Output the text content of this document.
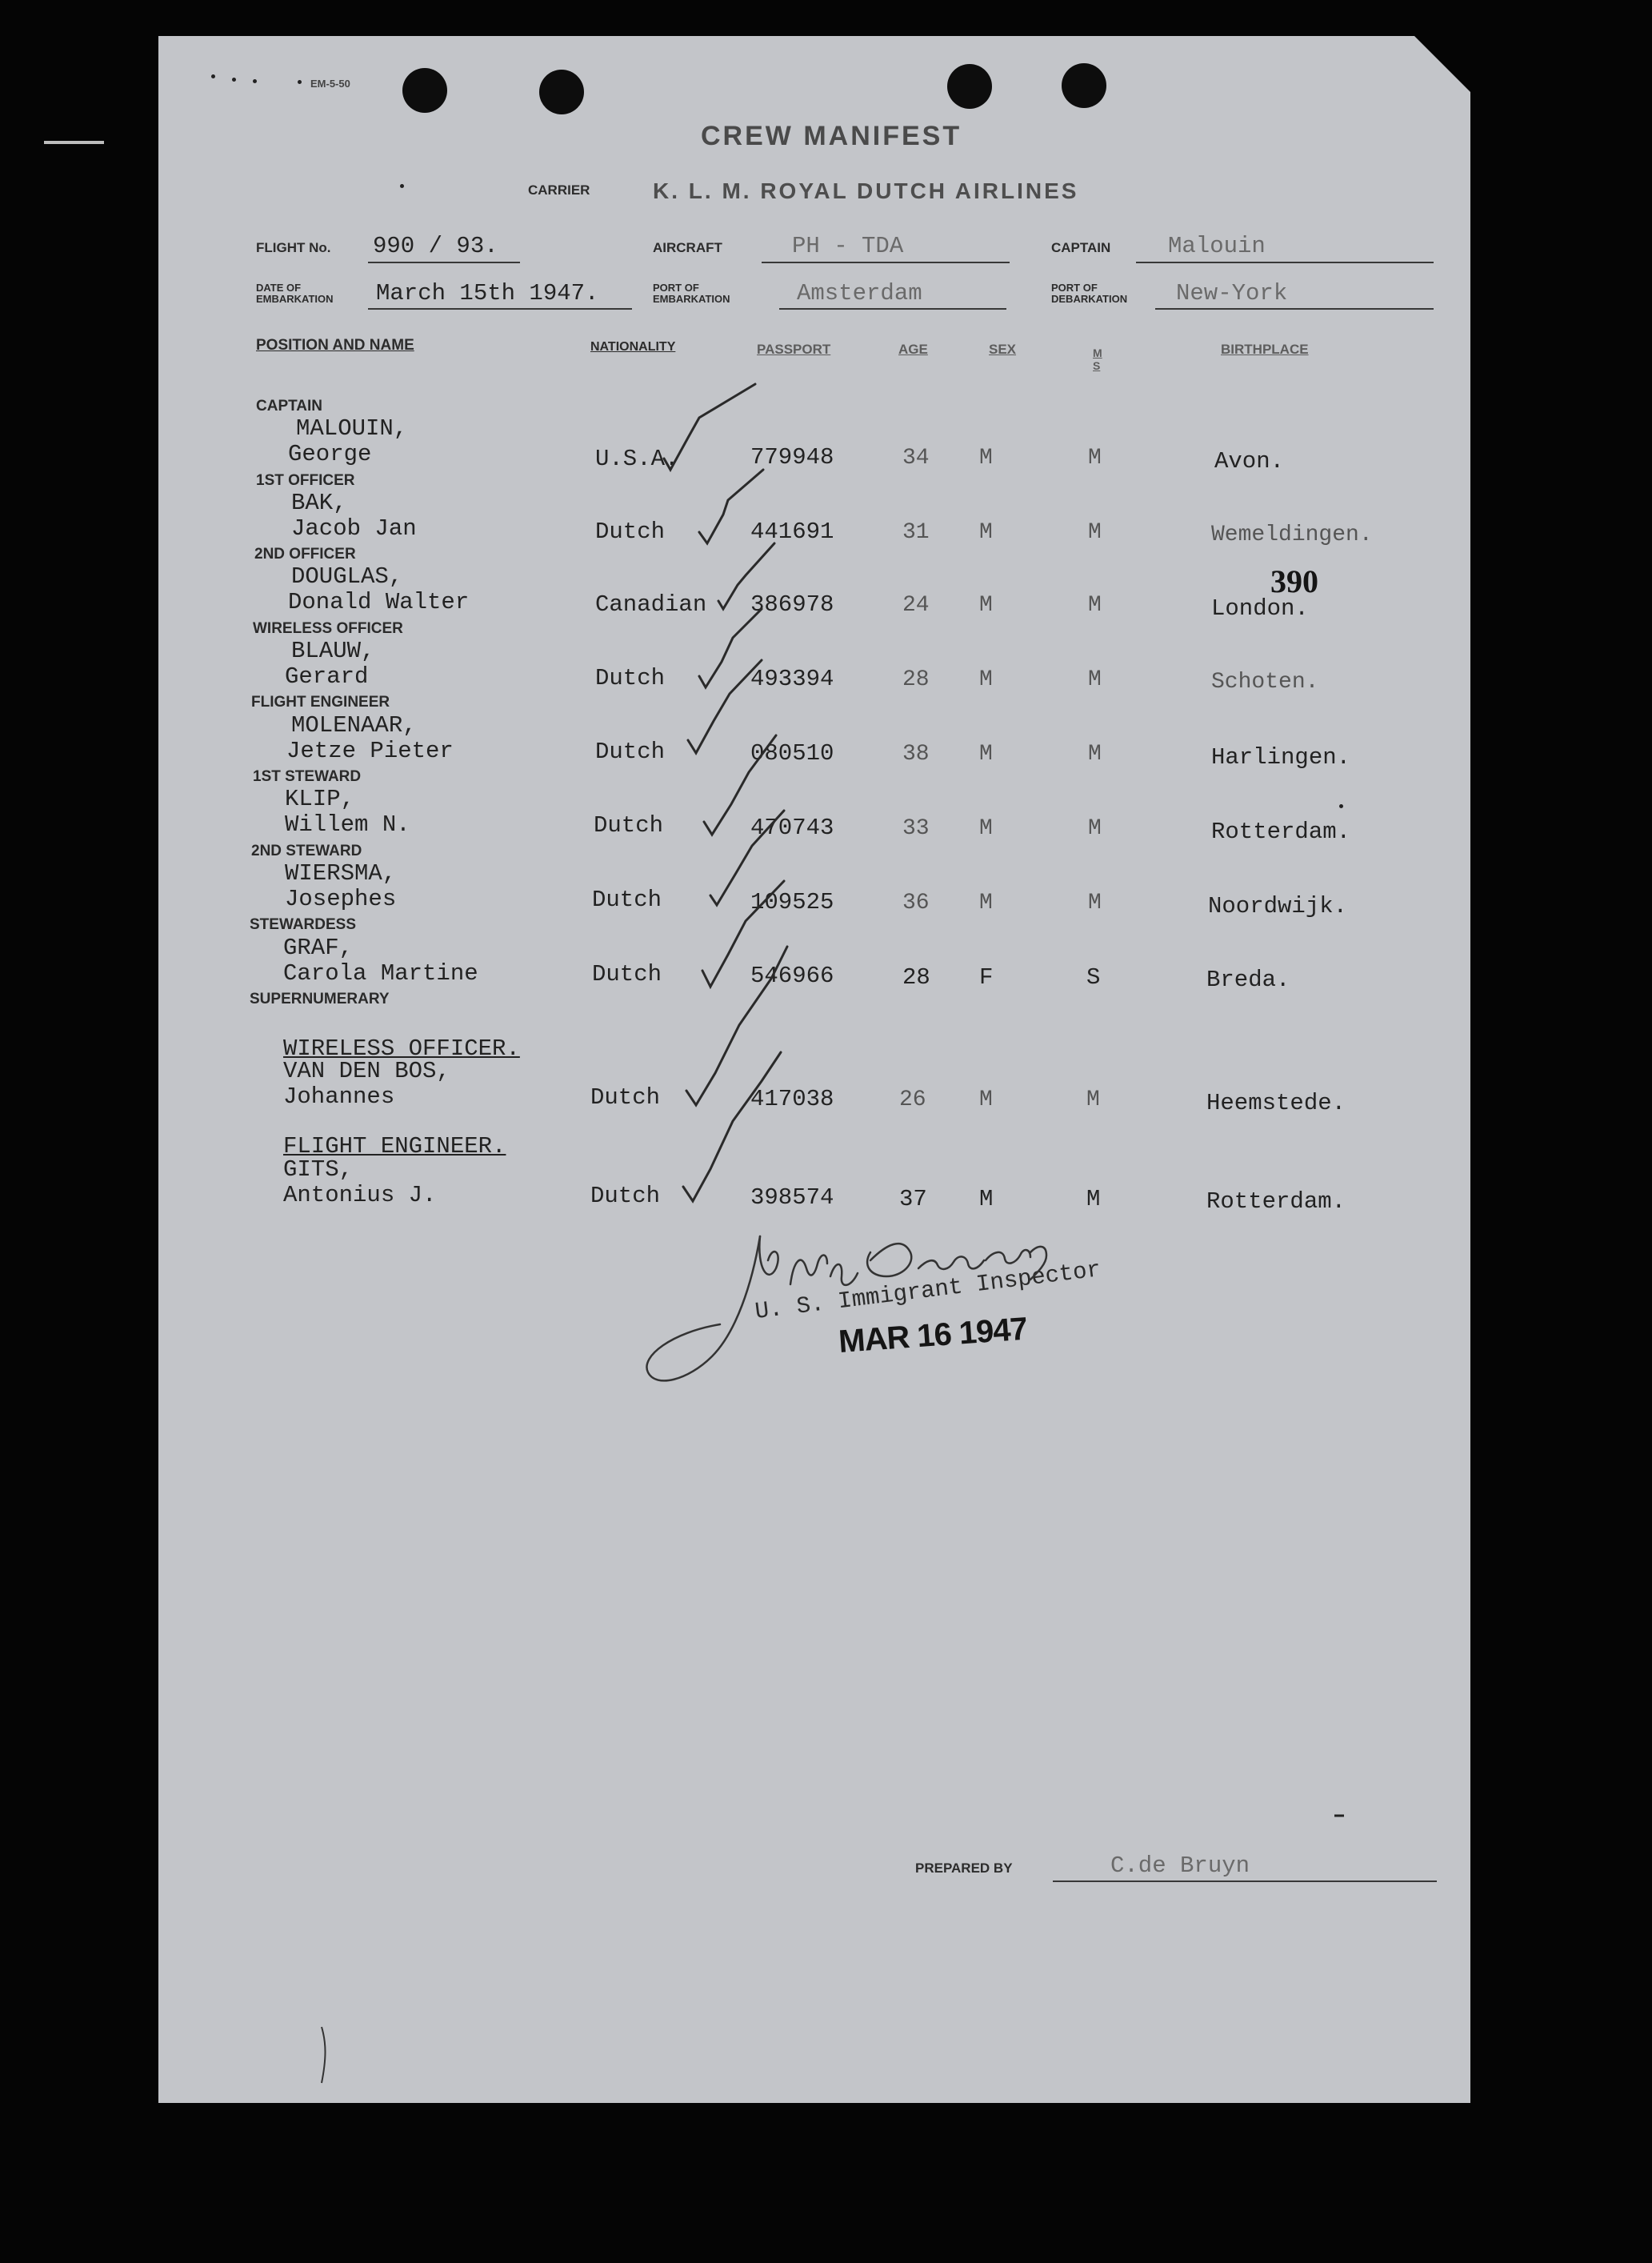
EM-5-50
CREW MANIFEST
CARRIER	K. L. M. ROYAL DUTCH AIRLINES
FLIGHT No. 990 / 93.	AIRCRAFT	PH - TDA	CAPTAIN Malouin
DATE OF
EMBARKATION March 15th 1947.	PORT OF
EMBARKATION	Amsterdam	PORT OF
DEBARKATION New-York
POSITION AND NAME	NATIONALITY	PASSPORT	AGE	SEX	M S
BIRTHPLACE
CAPTAIN
MALOUIN,
George	U.S.A.	779948	34 M	M	Avon.
1ST OFFICER
BAK,
Jacob Jan	Dutch	441691	31 M	M	Wemeldingen.
2ND OFFICER
DOUGLAS,
Donald Walter	Canadian 386978	24 M	M	London.
WIRELESS OFFICER
BLAUW,
Gerard	Dutch	493394	28 M	M	Schoten.
FLIGHT ENGINEER
MOLENAAR,
Jetze Pieter	Dutch	080510	38 M	M	Harlingen.
1ST STEWARD
KLIP,
Willem N.	Dutch	470743	33 M	M	Rotterdam.
2ND STEWARD
WIERSMA,
Josephes	Dutch	109525	36 M	M	Noordwijk.
STEWARDESS
GRAF,
Carola Martine	Dutch	546966	28 F	S	Breda.
SUPERNUMERARY
WIRELESS OFFICER.
VAN DEN BOS,
Johannes	Dutch	417038	26 M	M	Heemstede.
FLIGHT ENGINEER.
GITS,
Antonius J.	Dutch	398574	37 M	M	Rotterdam.
390
U. S. Immigrant Inspector
MAR 16 1947
PREPARED BY	C.de Bruyn
